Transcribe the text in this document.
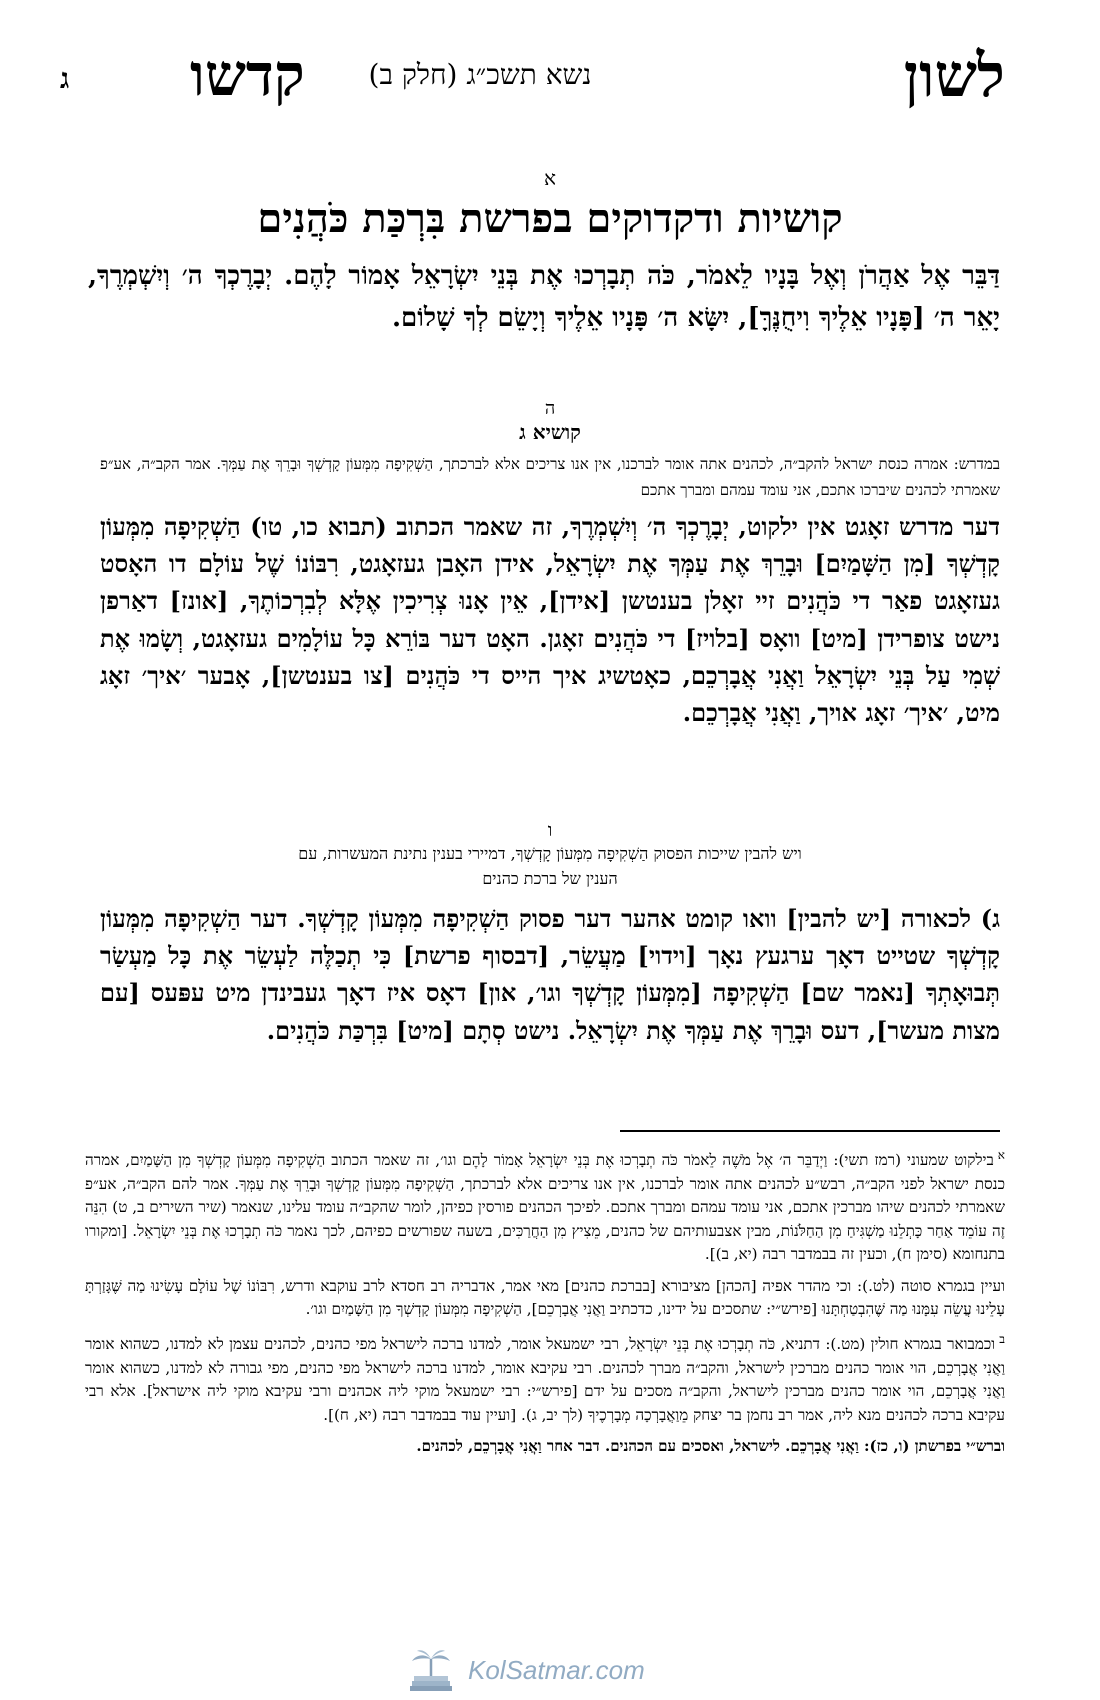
לשון
נשא תשכ״ג (חלק ב)
קדשו
ג
א
קושיות ודקדוקים בפרשת בִּרְכַּת כֹּהֲנִים
דַּבֵּר אֶל אַהֲרֹן וְאֶל בָּנָיו לֵאמֹר, כֹּה תְבָרְכוּ אֶת בְּנֵי יִשְׂרָאֵל אָמוֹר לָהֶם. יְבָרֶכְךָ ה׳ וְיִשְׁמְרֶךָ, יָאֵר ה׳ [פָּנָיו אֵלֶיךָ וִיחֻנֶּךָּ], יִשָּׂא ה׳ פָּנָיו אֵלֶיךָ וְיָשֵׂם לְךָ שָׁלוֹם.
ה
קושיא ג
במדרש: אמרה כנסת ישראל להקב״ה, לכהנים אתה אומר לברכנו, אין אנו צריכים אלא לברכתך, הַשְׁקִיפָה מִמְּעוֹן קָדְשְׁךָ וּבָרֵךְ אֶת עַמְּךָ. אמר הקב״ה, אע״פ שאמרתי לכהנים שיברכו אתכם, אני עומד עמהם ומברך אתכם
דער מדרש זאָגט אין ילקוט, יְבָרֶכְךָ ה׳ וְיִשְׁמְרֶךָ, זה שאמר הכתוב (תבוא כו, טו) הַשְׁקִיפָה מִמְּעוֹן קָדְשְׁךָ [מִן הַשָּׁמַיִם] וּבָרֵךְ אֶת עַמְּךָ אֶת יִשְׂרָאֵל, אידן האָבן געזאָגט, רִבּוֹנוֹ שֶׁל עוֹלָם דו האָסט געזאָגט פאַר די כֹּהֲנִים זיי זאָלן בענטשן [אידן], אֵין אָנוּ צְרִיכִין אֶלָּא לְבִרְכוֹתֶךָ, [אונז] דאַרפן נישט צופרידן [מיט] וואָס [בלויז] די כֹּהֲנִים זאָגן. האָט דער בּוֹרֵא כָּל עוֹלָמִים געזאָגט, וְשָׂמוּ אֶת שְׁמִי עַל בְּנֵי יִשְׂרָאֵל וַאֲנִי אֲבָרְכֵם, כאָטשיג איך הייס די כֹּהֲנִים [צו בענטשן], אָבער ׳איך׳ זאָג מיט, ׳איך׳ זאָג אויך, וַאֲנִי אֲבָרְכֵם.
ו
ויש להבין שייכות הפסוק הַשְׁקִיפָה מִמְּעוֹן קָדְשְׁךָ, דמיירי בענין נתינת המעשרות, עם הענין של ברכת כהנים
ג) לכאורה [יש להבין] וואו קומט אהער דער פסוק הַשְׁקִיפָה מִמְּעוֹן קָדְשְׁךָ. דער הַשְׁקִיפָה מִמְּעוֹן קָדְשְׁךָ שטייט דאָך ערגעץ נאָך [וידוי] מַעֲשֵׂר, [דבסוף פרשת] כִּי תְכַלֶּה לַעְשֵׂר אֶת כָּל מַעְשַׂר תְּבוּאָתְךָ [נאמר שם] הַשְׁקִיפָה [מִמְּעוֹן קָדְשְׁךָ וגו׳, און] דאָס איז דאָך געבינדן מיט עפּעס [עם מצות מעשר], דעס וּבָרֵךְ אֶת עַמְּךָ אֶת יִשְׂרָאֵל. נישט סְתָם [מיט] בִּרְכַּת כֹּהֲנִים.

$^א$בילקוט שמעוני (רמז תשי): וַיְדַבֵּר ה׳ אֶל מֹשֶׁה לֵאמֹר כֹּה תְבָרְכוּ אֶת בְּנֵי יִשְׂרָאֵל אָמוֹר לָהֶם וגו׳, זה שאמר הכתוב הַשְׁקִיפָה מִמְּעוֹן קָדְשְׁךָ מִן הַשָּׁמַיִם, אמרה כנסת ישראל לפני הקב״ה, רבש״ע לכהנים אתה אומר לברכנו, אין אנו צריכים אלא לברכתך, הַשְׁקִיפָה מִמְּעוֹן קָדְשְׁךָ וּבָרֵךְ אֶת עַמְּךָ. אמר להם הקב״ה, אע״פ שאמרתי לכהנים שיהו מברכין אתכם, אני עומד עמהם ומברך אתכם. לפיכך הכהנים פורסין כפיהן, לומר שהקב״ה עומד עלינו, שנאמר (שיר השירים ב, ט) הִנֵּה זֶה עוֹמֵד אַחַר כָּתְלֵנוּ מַשְׁגִּיחַ מִן הַחַלֹּנוֹת, מבין אצבעותיהם של כהנים, מֵצִיץ מִן הַחֲרַכִּים, בשעה שפורשים כפיהם, לכך נאמר כֹּה תְבָרְכוּ אֶת בְּנֵי יִשְׂרָאֵל. [ומקורו בתנחומא (סימן ח), וכעין זה בבמדבר רבה (יא, ב)].

ועיין בגמרא סוטה (לט.): וכי מהדר אפיה [הכהן] מציבורא [בברכת כהנים] מאי אמר, אדבריה רב חסדא לרב עוקבא ודרש, רִבּוֹנוֹ שֶׁל עוֹלָם עָשִׂינוּ מַה שֶּׁגָּזַרְתָּ עָלֵינוּ עֲשֵׂה עִמָּנוּ מַה שֶּׁהִבְטַחְתָּנוּ [פירש״י: שתסכים על ידינו, כדכתיב וַאֲנִי אֲבָרְכֵם], הַשְׁקִיפָה מִמְּעוֹן קָדְשְׁךָ מִן הַשָּׁמַיִם וגו׳.

$^ב$וכמבואר בגמרא חולין (מט.): דתניא, כֹּה תְבָרְכוּ אֶת בְּנֵי יִשְׂרָאֵל, רבי ישמעאל אומר, למדנו ברכה לישראל מפי כהנים, לכהנים עצמן לא למדנו, כשהוא אומר וַאֲנִי אֲבָרְכֵם, הוי אומר כהנים מברכין לישראל, והקב״ה מברך לכהנים. רבי עקיבא אומר, למדנו ברכה לישראל מפי כהנים, מפי גבורה לא למדנו, כשהוא אומר וַאֲנִי אֲבָרְכֵם, הוי אומר כהנים מברכין לישראל, והקב״ה מסכים על ידם [פירש״י: רבי ישמעאל מוקי ליה אכהנים ורבי עקיבא מוקי ליה אישראל]. אלא רבי עקיבא ברכה לכהנים מנא ליה, אמר רב נחמן בר יצחק מֵוַאֲבָרְכָה מְבָרְכֶיךָ (לך יב, ג). [ועיין עוד בבמדבר רבה (יא, ח)].

וברש״י בפרשתן (ו, כז): וַאֲנִי אֲבָרְכֵם. לישראל, ואסכים עם הכהנים. דבר אחר וַאֲנִי אֲבָרְכֵם, לכהנים.

KolSatmar.com
